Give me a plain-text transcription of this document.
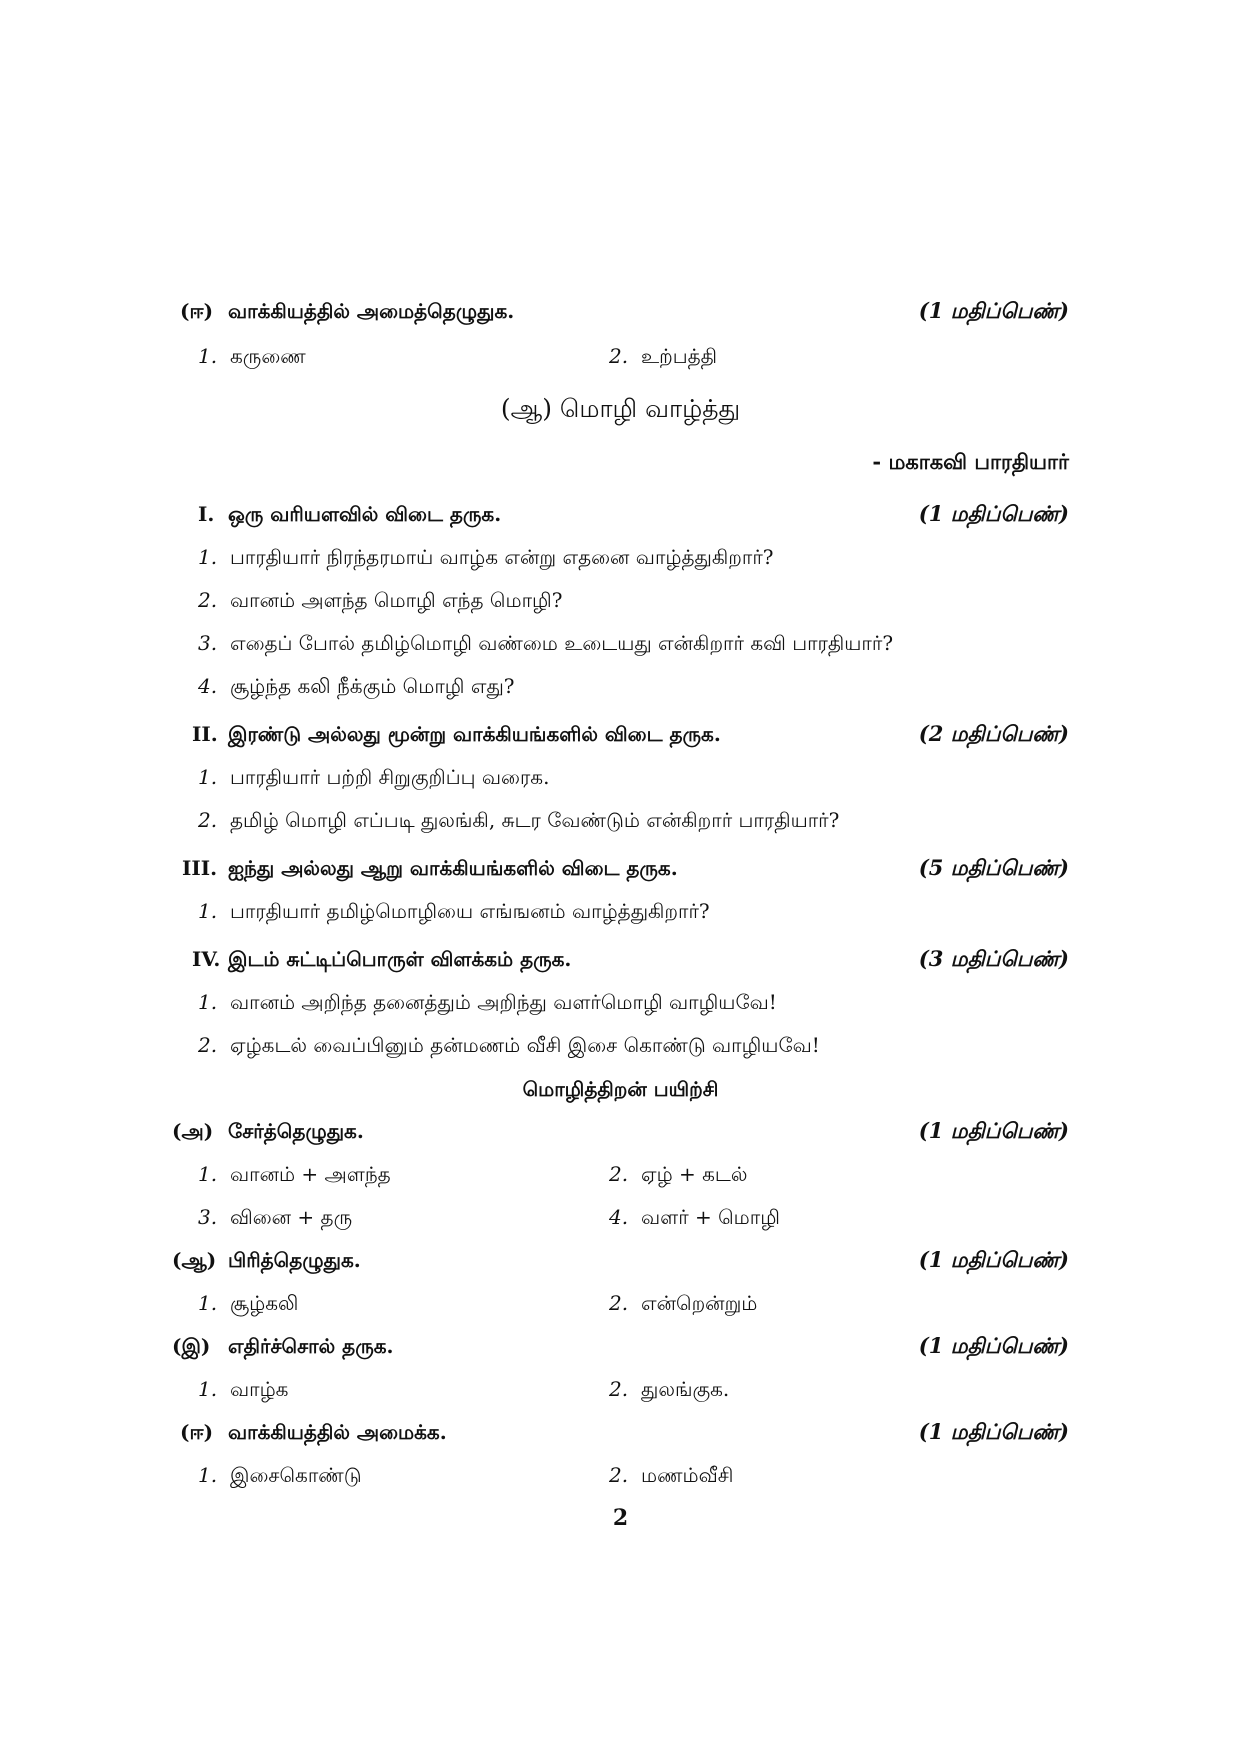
(ஈ) வாக்கியத்தில் அமைத்தெழுதுக.	(1 மதிப்பெண்)
1. கருணை	2. உற்பத்தி
(ஆ) மொழி வாழ்த்து
- மகாகவி பாரதியார்
I. ஒரு வரியளவில் விடை தருக.	(1 மதிப்பெண்)
1. பாரதியார் நிரந்தரமாய் வாழ்க என்று எதனை வாழ்த்துகிறார்?
2. வானம் அளந்த மொழி எந்த மொழி?
3. எதைப் போல் தமிழ்மொழி வண்மை உடையது என்கிறார் கவி பாரதியார்?
4. சூழ்ந்த கலி நீக்கும் மொழி எது?
II. இரண்டு அல்லது மூன்று வாக்கியங்களில் விடை தருக.	(2 மதிப்பெண்)
1. பாரதியார் பற்றி சிறுகுறிப்பு வரைக.
2. தமிழ் மொழி எப்படி துலங்கி, சுடர வேண்டும் என்கிறார் பாரதியார்?
III. ஐந்து அல்லது ஆறு வாக்கியங்களில் விடை தருக.	(5 மதிப்பெண்)
1. பாரதியார் தமிழ்மொழியை எங்ஙனம் வாழ்த்துகிறார்?
IV. இடம் சுட்டிப்பொருள் விளக்கம் தருக.	(3 மதிப்பெண்)
1. வானம் அறிந்த தனைத்தும் அறிந்து வளர்மொழி வாழியவே!
2. ஏழ்கடல் வைப்பினும் தன்மணம் வீசி இசை கொண்டு வாழியவே!
மொழித்திறன் பயிற்சி
(அ) சேர்த்தெழுதுக.	(1 மதிப்பெண்)
1. வானம் + அளந்த	2. ஏழ் + கடல்
3. வினை + தரு	4. வளர் + மொழி
(ஆ) பிரித்தெழுதுக.	(1 மதிப்பெண்)
1. சூழ்கலி	2. என்றென்றும்
(இ) எதிர்ச்சொல் தருக.	(1 மதிப்பெண்)
1. வாழ்க	2. துலங்குக.
(ஈ) வாக்கியத்தில் அமைக்க.	(1 மதிப்பெண்)
1. இசைகொண்டு	2. மணம்வீசி
2
